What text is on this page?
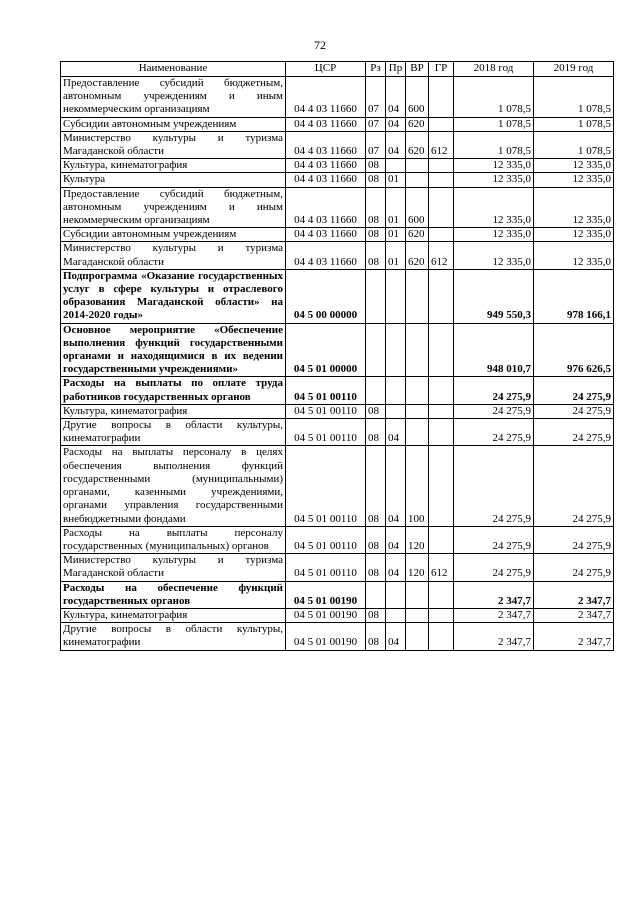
72
Наименование	ЦСР	Рз	Пр	ВР	ГР	2018 год	2019 год
Предоставление субсидий бюджетным, автономным учреждениям и иным некоммерческим организациям	04 4 03 11660	07	04	600		1 078,5	1 078,5
Субсидии автономным учреждениям	04 4 03 11660	07	04	620		1 078,5	1 078,5
Министерство культуры и туризма Магаданской области	04 4 03 11660	07	04	620	612	1 078,5	1 078,5
Культура, кинематография	04 4 03 11660	08				12 335,0	12 335,0
Культура	04 4 03 11660	08	01			12 335,0	12 335,0
Предоставление субсидий бюджетным, автономным учреждениям и иным некоммерческим организациям	04 4 03 11660	08	01	600		12 335,0	12 335,0
Субсидии автономным учреждениям	04 4 03 11660	08	01	620		12 335,0	12 335,0
Министерство культуры и туризма Магаданской области	04 4 03 11660	08	01	620	612	12 335,0	12 335,0
Подпрограмма «Оказание государственных услуг в сфере культуры и отраслевого образования Магаданской области» на 2014-2020 годы»	04 5 00 00000					949 550,3	978 166,1
Основное мероприятие «Обеспечение выполнения функций государственными органами и находящимися в их ведении государственными учреждениями»	04 5 01 00000					948 010,7	976 626,5
Расходы на выплаты по оплате труда работников государственных органов	04 5 01 00110					24 275,9	24 275,9
Культура, кинематография	04 5 01 00110	08				24 275,9	24 275,9
Другие вопросы в области культуры, кинематографии	04 5 01 00110	08	04			24 275,9	24 275,9
Расходы на выплаты персоналу в целях обеспечения выполнения функций государственными (муниципальными) органами, казенными учреждениями, органами управления государственными внебюджетными фондами	04 5 01 00110	08	04	100		24 275,9	24 275,9
Расходы на выплаты персоналу государственных (муниципальных) органов	04 5 01 00110	08	04	120		24 275,9	24 275,9
Министерство культуры и туризма Магаданской области	04 5 01 00110	08	04	120	612	24 275,9	24 275,9
Расходы на обеспечение функций государственных органов	04 5 01 00190					2 347,7	2 347,7
Культура, кинематография	04 5 01 00190	08				2 347,7	2 347,7
Другие вопросы в области культуры, кинематографии	04 5 01 00190	08	04			2 347,7	2 347,7
